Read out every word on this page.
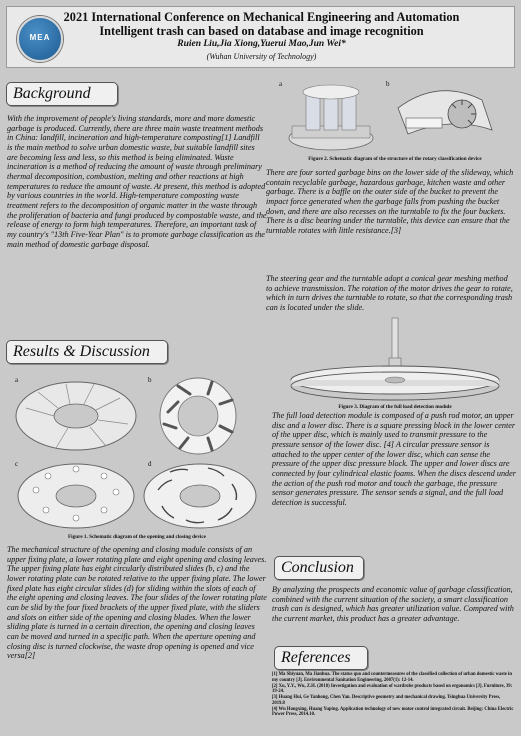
MEA
2021 International Conference on Mechanical Engineering and Automation
Intelligent trash can based on database and image recognition
Ruien Liu,Jia Xiong,Yuerui Mao,Jun Wei*
(Wuhan University of Technology)
Background

With the improvement of people's living standards, more and more domestic garbage is produced. Currently, there are three main waste treatment methods in China: landfill, incineration and high-temperature composting[1] Landfill is the main method to solve urban domestic waste, but suitable landfill sites are becoming less and less, so this method is being eliminated. Waste incineration is a method of reducing the amount of waste through preliminary thermal decomposition, combustion, melting and other reactions at high temperatures to reduce the amount of waste. At present, this method is adopted by various countries in the world. High-temperature composting waste treatment refers to the decomposition of organic matter in the waste through the proliferation of bacteria and fungi produced by compostable waste, and the release of energy to form high temperatures. Therefore, an important task of my country's "13th Five-Year Plan" is to promote garbage classification as the main method of domestic garbage disposal.

Results & Discussion
a	b
c	d
Figure 1. Schematic diagram of the opening and closing device

The mechanical structure of the opening and closing module consists of an upper fixing plate, a lower rotating plate and eight opening and closing leaves. The upper fixing plate has eight circularly distributed slides (b, c) and the lower rotating plate can be rotated relative to the upper fixing plate. The lower fixed plate has eight circular slides (d) for sliding within the slots of each of the eight opening and closing leaves. The four slides of the lower rotating plate can be slid by the four fixed brackets of the upper fixed plate, with the sliders and slots on either side of the opening and closing blades. When the lower sliding plate is turned in a certain direction, the opening and closing leaves can be moved and turned in a specific path. When the aperture opening and closing disc is turned clockwise, the waste drop opening is opened and vice versa[2]

a	b
Figure 2. Schematic diagram of the structure of the rotary classification device

There are four sorted garbage bins on the lower side of the slideway, which contain recyclable garbage, hazardous garbage, kitchen waste and other garbage. There is a baffle on the outer side of the bucket to prevent the impact force generated when the garbage falls from pushing the bucket down, and there are also recesses on the turntable to fix the four buckets. There is a disc bearing under the turntable, this device can ensure that the turntable rotates with little resistance.[3]

The steering gear and the turntable adopt a conical gear meshing method to achieve transmission. The rotation of the motor drives the gear to rotate, which in turn drives the turntable to rotate, so that the corresponding trash can is located under the slide.

Figure 3. Diagram of the full load detection module

The full load detection module is composed of a push rod motor, an upper disc and a lower disc. There is a square pressing block in the lower center of the upper disc, which is mainly used to transmit pressure to the pressure sensor of the lower disc. [4] A circular pressure sensor is attached to the upper center of the lower disc, which can sense the pressure of the upper disc pressure block. The upper and lower discs are connected by four cylindrical elastic foams. When the discs descend under the action of the push rod motor and touch the garbage, the pressure sensor generates pressure. The sensor sends a signal, and the full load detection is successful.

Conclusion

By analyzing the prospects and economic value of garbage classification, combined with the current situation of the society, a smart classification trash can is designed, which has greater utilization value. Compared with the current market, this product has a greater advantage.

References

[1] Ma Shiyuan, Ma Jianhua. The status quo and countermeasures of the classified collection of urban domestic waste in my country [J]. Environmental Sanitation Engineering, 2007(1): 12-14.

[2] Xu, Y.Y., Wu, Z.H. (2018) Investigation and evaluation of wardrobe products based on ergonomics [J]. Furniture, 39: 19-24.

[3] Huang Hui, Ge Yanhong, Chen Yan. Descriptive geometry and mechanical drawing. Tsinghua University Press, 2019.8

[4] Wu Hongxing, Huang Yuping. Application technology of new motor control integrated circuit. Beijing: China Electric Power Press, 2014.10.
